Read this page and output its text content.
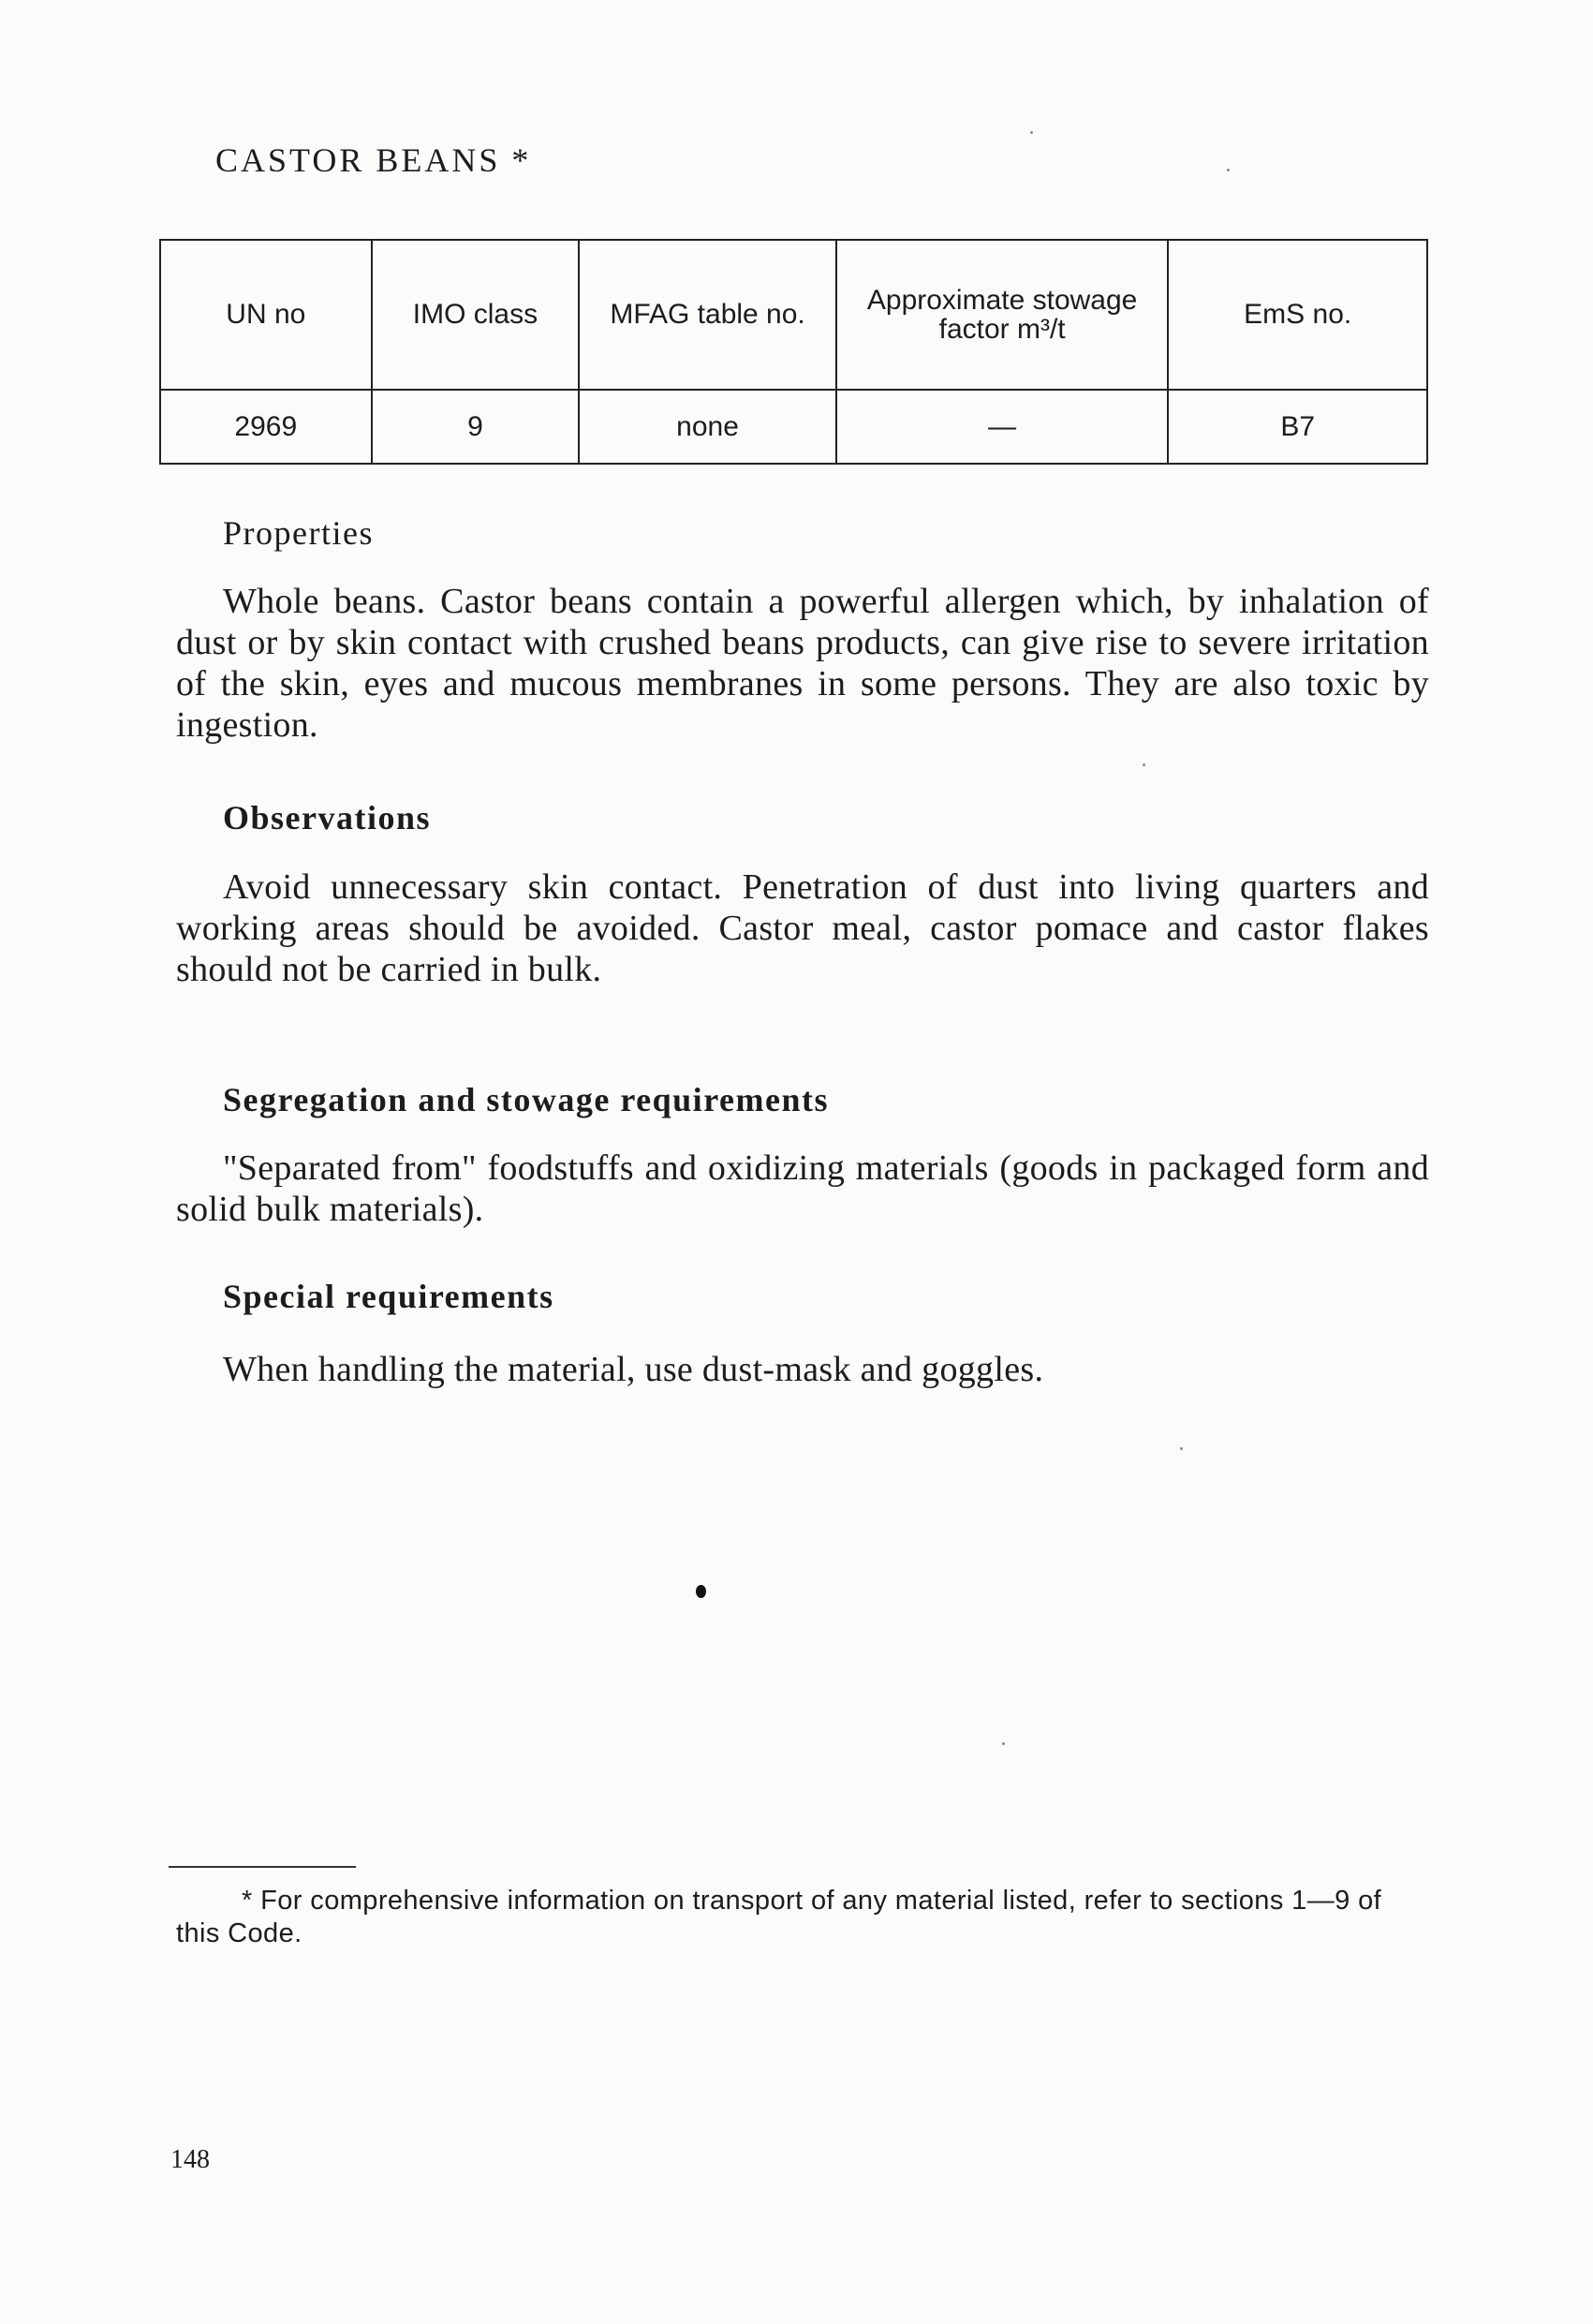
CASTOR BEANS *
UN no	IMO class	MFAG table no.	Approximate stowage factor m³/t	EmS no.
2969	9	none	—	B7
Properties

Whole beans. Castor beans contain a powerful allergen which, by inhalation of dust or by skin contact with crushed beans products, can give rise to severe irritation of the skin, eyes and mucous membranes in some persons. They are also toxic by ingestion.

Observations

Avoid unnecessary skin contact. Penetration of dust into living quarters and working areas should be avoided. Castor meal, castor pomace and castor flakes should not be carried in bulk.

Segregation and stowage requirements

"Separated from" foodstuffs and oxidizing materials (goods in packaged form and solid bulk materials).

Special requirements

When handling the material, use dust-mask and goggles.

* For comprehensive information on transport of any material listed, refer to sections 1—9 of this Code.

148
